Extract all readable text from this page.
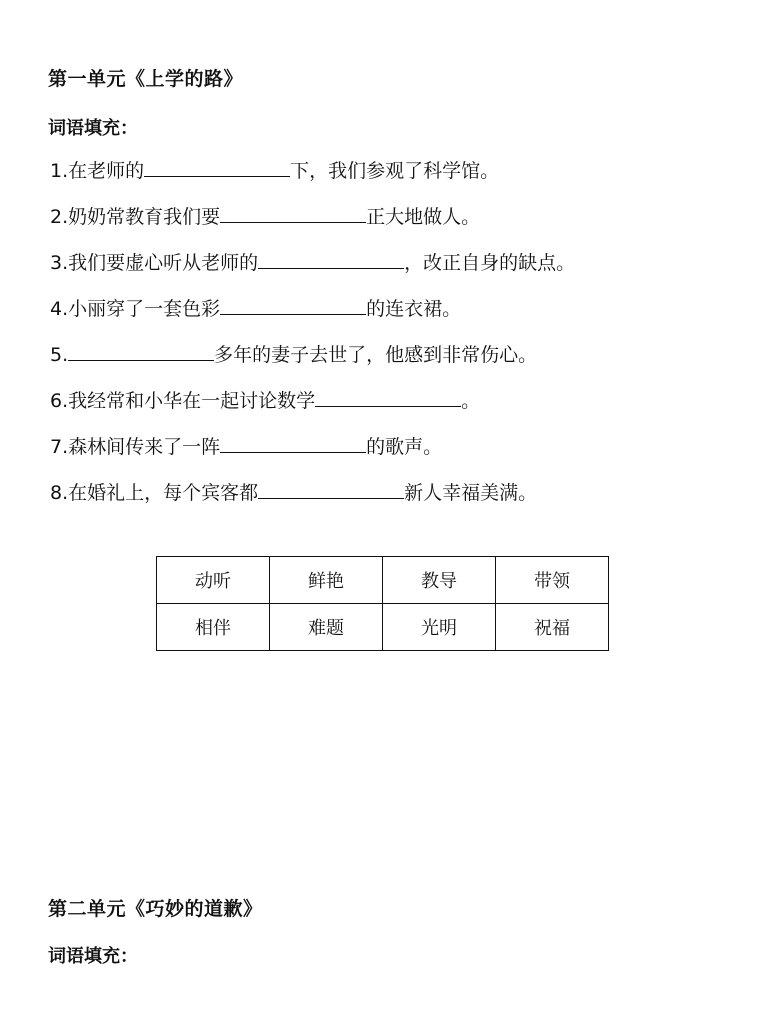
第一单元《上学的路》
词语填充：
1.在老师的	下，我们参观了科学馆。
2.奶奶常教育我们要	正大地做人。
3.我们要虚心听从老师的	，改正自身的缺点。
4.小丽穿了一套色彩	的连衣裙。
5.	多年的妻子去世了，他感到非常伤心。
6.我经常和小华在一起讨论数学	。
7.森林间传来了一阵	的歌声。
8.在婚礼上，每个宾客都	新人幸福美满。
动听	鲜艳	教导	带领
相伴	难题	光明	祝福
第二单元《巧妙的道歉》
词语填充：
